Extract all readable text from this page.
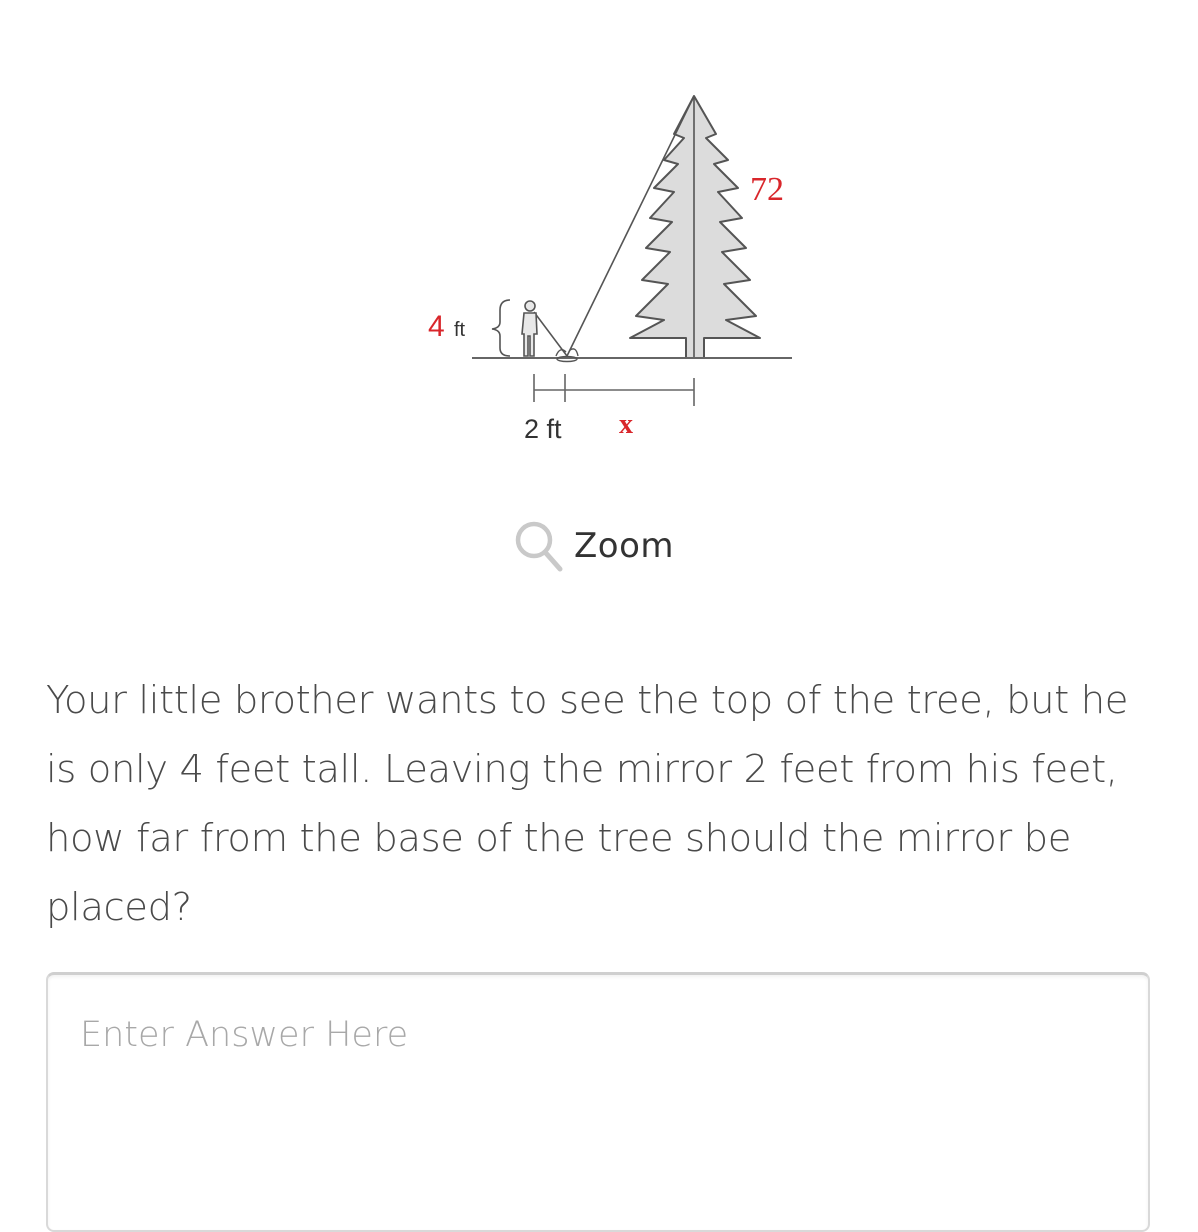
4 ft
72
2 ft x
Zoom

Your little brother wants to see the top of the tree, but he is only 4 feet tall. Leaving the mirror 2 feet from his feet, how far from the base of the tree should the mirror be placed?

Enter Answer Here
